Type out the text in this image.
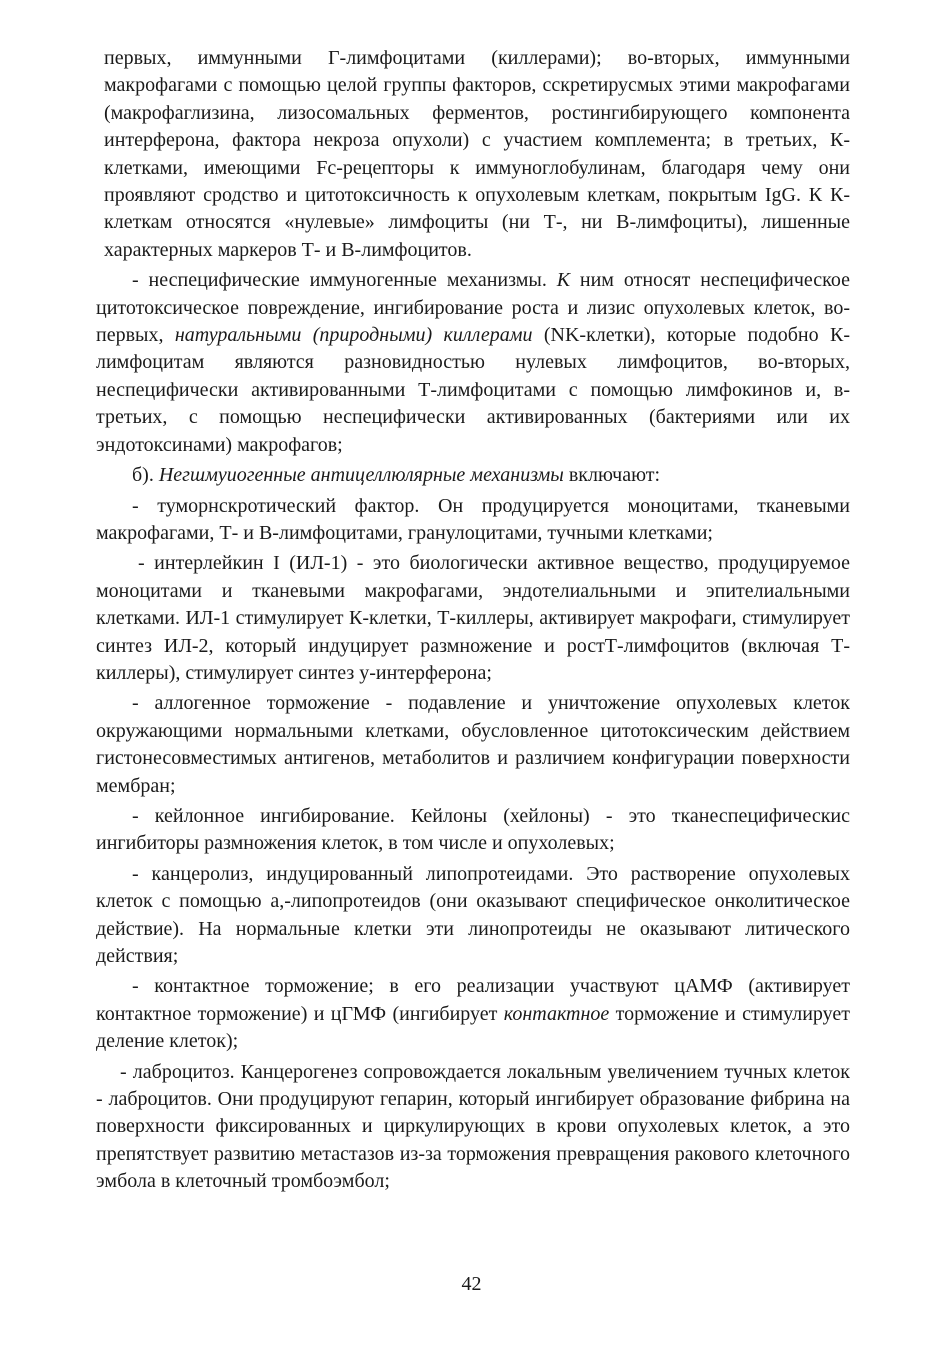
первых, иммунными Г-лимфоцитами (киллерами); во-вторых, иммунными макрофагами с помощью целой группы факторов, сскретирусмых этими макрофагами (макрофаглизина, лизосомальных ферментов, ростингибирующего компонента интерферона, фактора некроза опухоли) с участием комплемента; в третьих, К-клетками, имеющими Fc-рецепторы к иммуноглобулинам, благодаря чему они проявляют сродство и цитотоксичность к опухолевым клеткам, покрытым IgG. К К-клеткам относятся «нулевые» лимфоциты (ни Т-, ни В-лимфоциты), лишенные характерных маркеров Т- и В-лимфоцитов.

- неспецифические иммуногенные механизмы. К ним относят неспецифическое цитотоксическое повреждение, ингибирование роста и лизис опухолевых клеток, во-первых, натуральными (природными) киллерами (NK-клетки), которые подобно К-лимфоцитам являются разновидностью нулевых лимфоцитов, во-вторых, неспецифически активированными Т-лимфоцитами с помощью лимфокинов и, в-третьих, с помощью неспецифически активированных (бактериями или их эндотоксинами) макрофагов;

б). Негшмуиогенные антицеллюлярные механизмы включают:

- туморнскротический фактор. Он продуцируется моноцитами, тканевыми макрофагами, Т- и В-лимфоцитами, гранулоцитами, тучными клетками;

- интерлейкин I (ИЛ-1) - это биологически активное вещество, продуцируемое моноцитами и тканевыми макрофагами, эндотелиальными и эпителиальными клетками. ИЛ-1 стимулирует К-клетки, Т-киллеры, активирует макрофаги, стимулирует синтез ИЛ-2, который индуцирует размножение и ростТ-лимфоцитов (включая Т-киллеры), стимулирует синтез у-интерферона;

- аллогенное торможение - подавление и уничтожение опухолевых клеток окружающими нормальными клетками, обусловленное цитотоксическим действием гистонесовместимых антигенов, метаболитов и различием конфигурации поверхности мембран;

- кейлонное ингибирование. Кейлоны (хейлоны) - это тканеспецифическис ингибиторы размножения клеток, в том числе и опухолевых;

- канцеролиз, индуцированный липопротеидами. Это растворение опухолевых клеток с помощью а,-липопротеидов (они оказывают специфическое онколитическое действие). На нормальные клетки эти линопротеиды не оказывают литического действия;

- контактное торможение; в его реализации участвуют цАМФ (активирует контактное торможение) и цГМФ (ингибирует контактное торможение и стимулирует деление клеток);

- лаброцитоз. Канцерогенез сопровождается локальным увеличением тучных клеток - лаброцитов. Они продуцируют гепарин, который ингибирует образование фибрина на поверхности фиксированных и циркулирующих в крови опухолевых клеток, а это препятствует развитию метастазов из-за торможения превращения ракового клеточного эмбола в клеточный тромбоэмбол;

42
